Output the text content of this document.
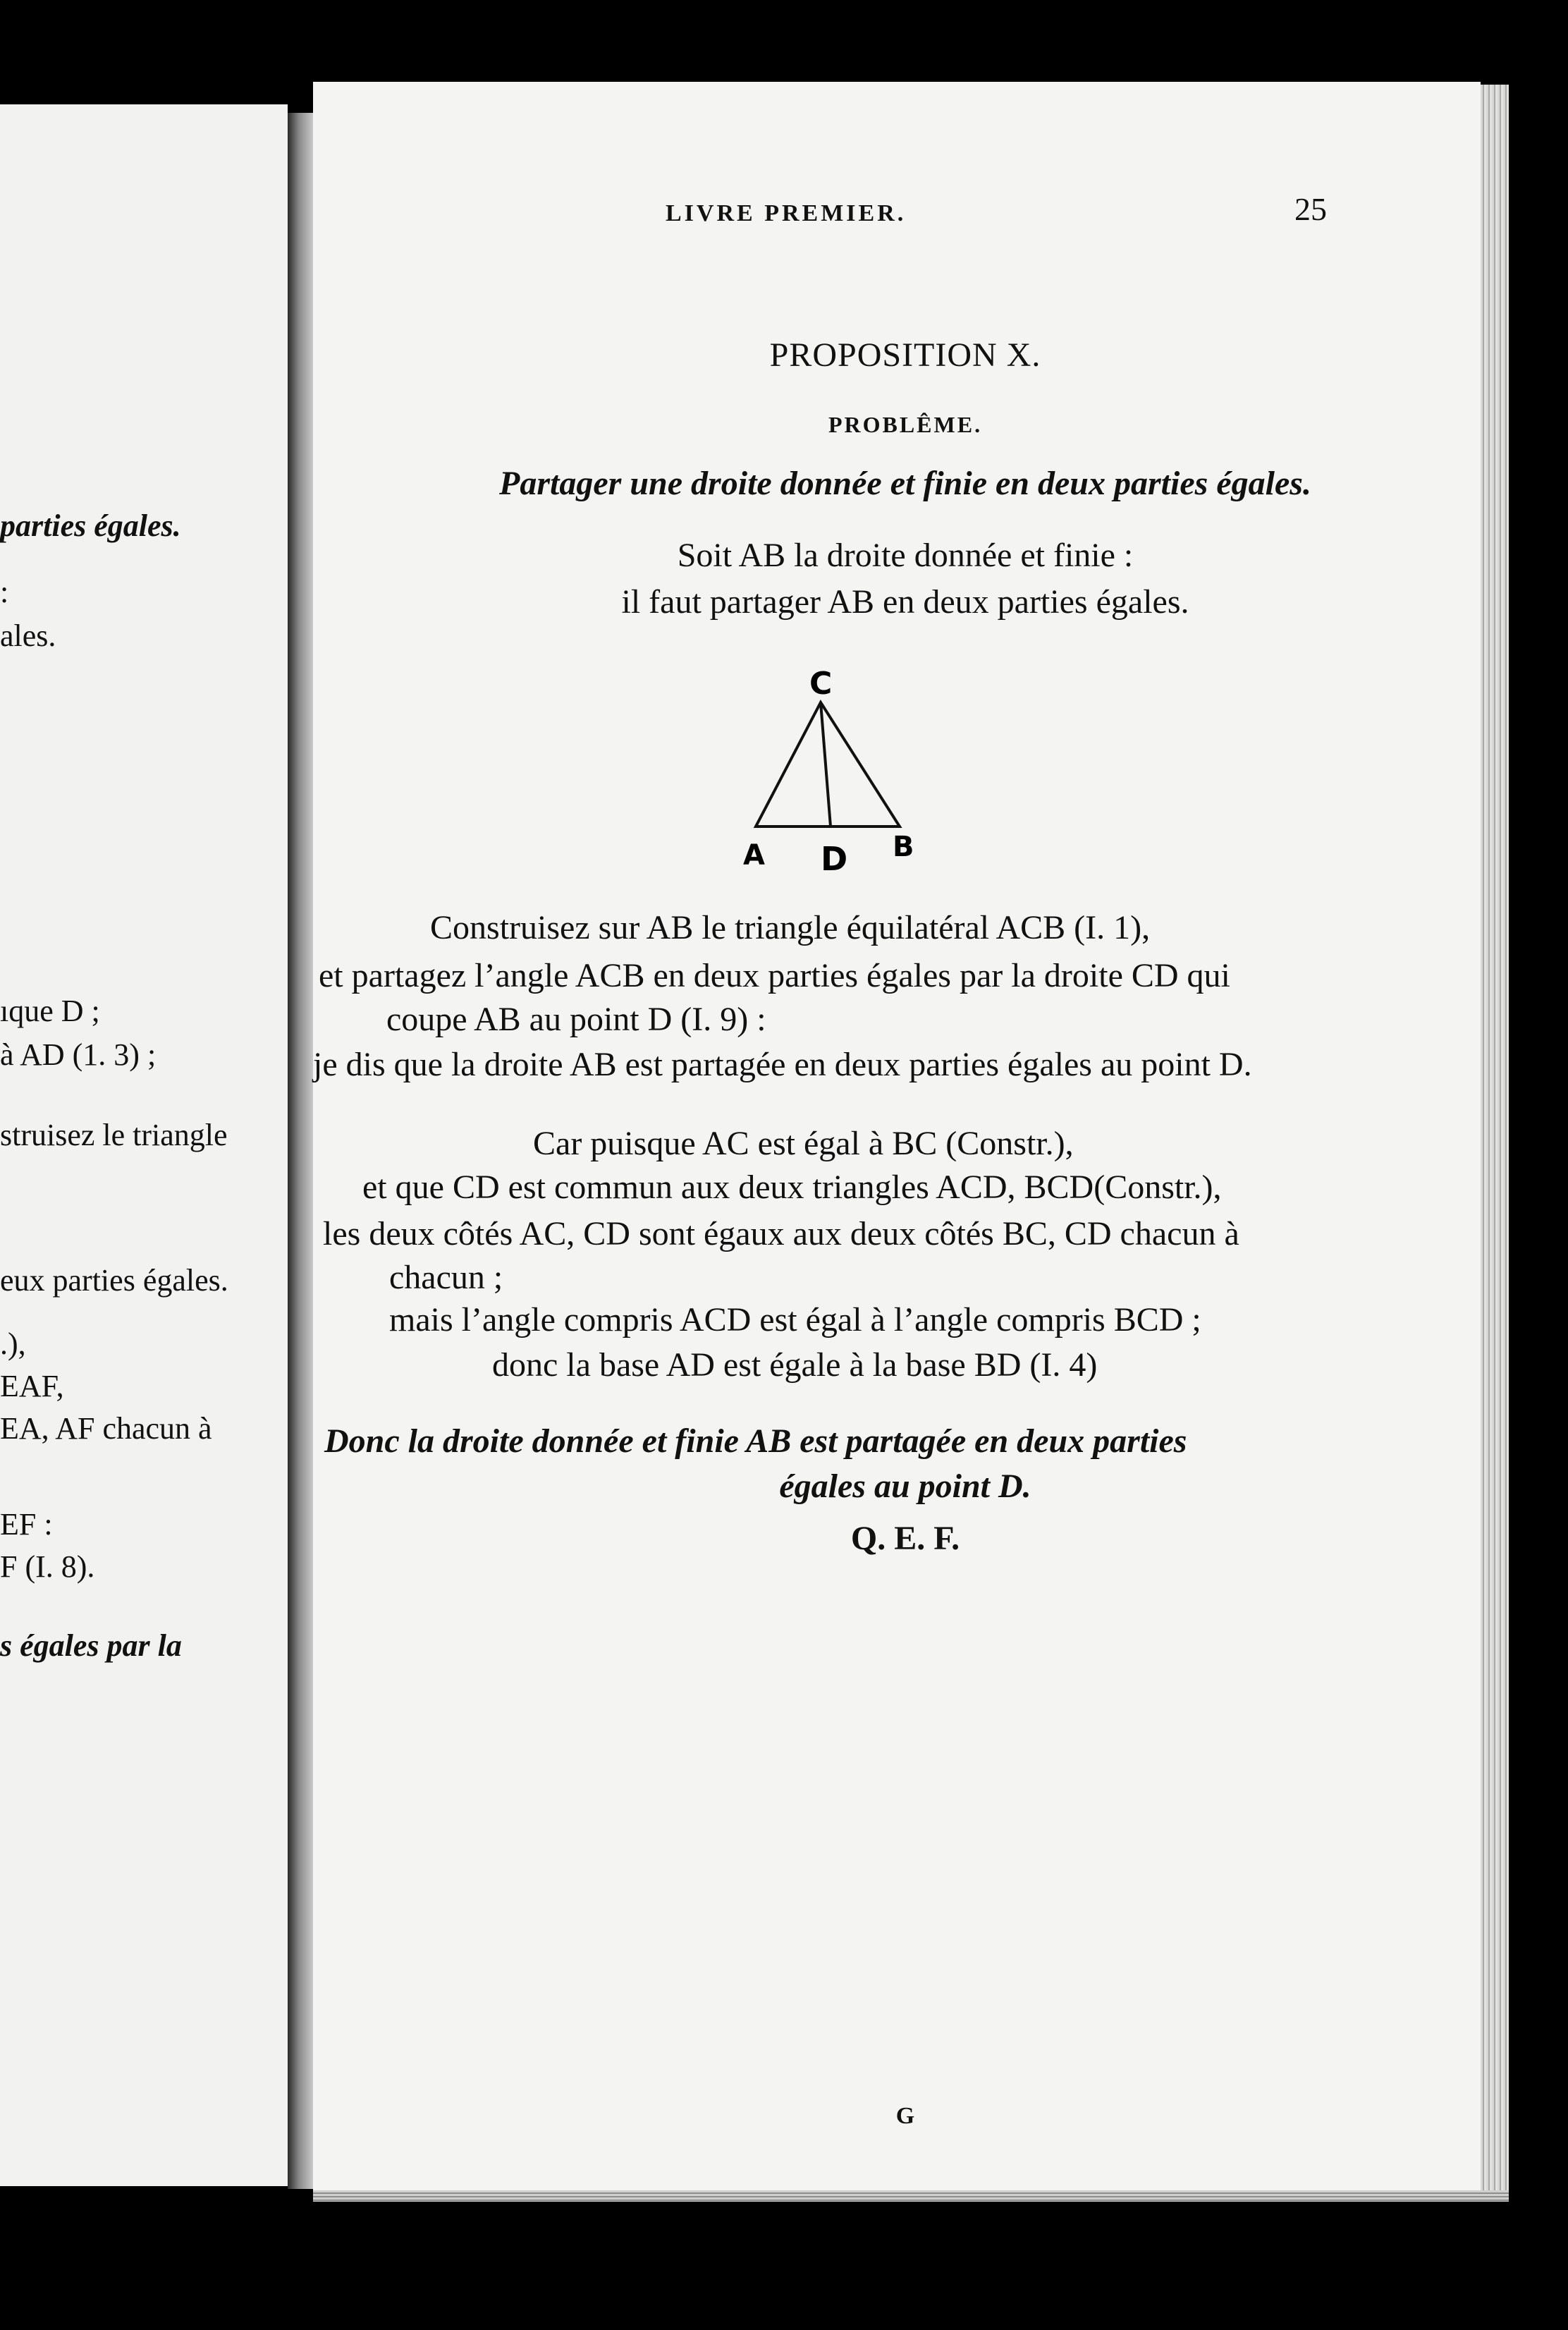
parties égales.
:
ales.
ıque D ;
à AD (1. 3) ;
struisez le triangle
eux parties égales.
.),
EAF,
EA, AF chacun à
EF :
F (I. 8).
s égales par la
LIVRE PREMIER.	25
PROPOSITION X.
PROBLÊME.
Partager une droite donnée et finie en deux parties égales.
Soit AB la droite donnée et finie :
il faut partager AB en deux parties égales.
Construisez sur AB le triangle équilatéral ACB (I. 1),
et partagez l’angle ACB en deux parties égales par la droite CD qui
coupe AB au point D (I. 9) :
je dis que la droite AB est partagée en deux parties égales au point D.
Car puisque AC est égal à BC (Constr.),
et que CD est commun aux deux triangles ACD, BCD(Constr.),
les deux côtés AC, CD sont égaux aux deux côtés BC, CD chacun à
chacun ;
mais l’angle compris ACD est égal à l’angle compris BCD ;
donc la base AD est égale à la base BD (I. 4)
Donc la droite donnée et finie AB est partagée en deux parties
égales au point D.
Q. E. F.
G
C
A D B
